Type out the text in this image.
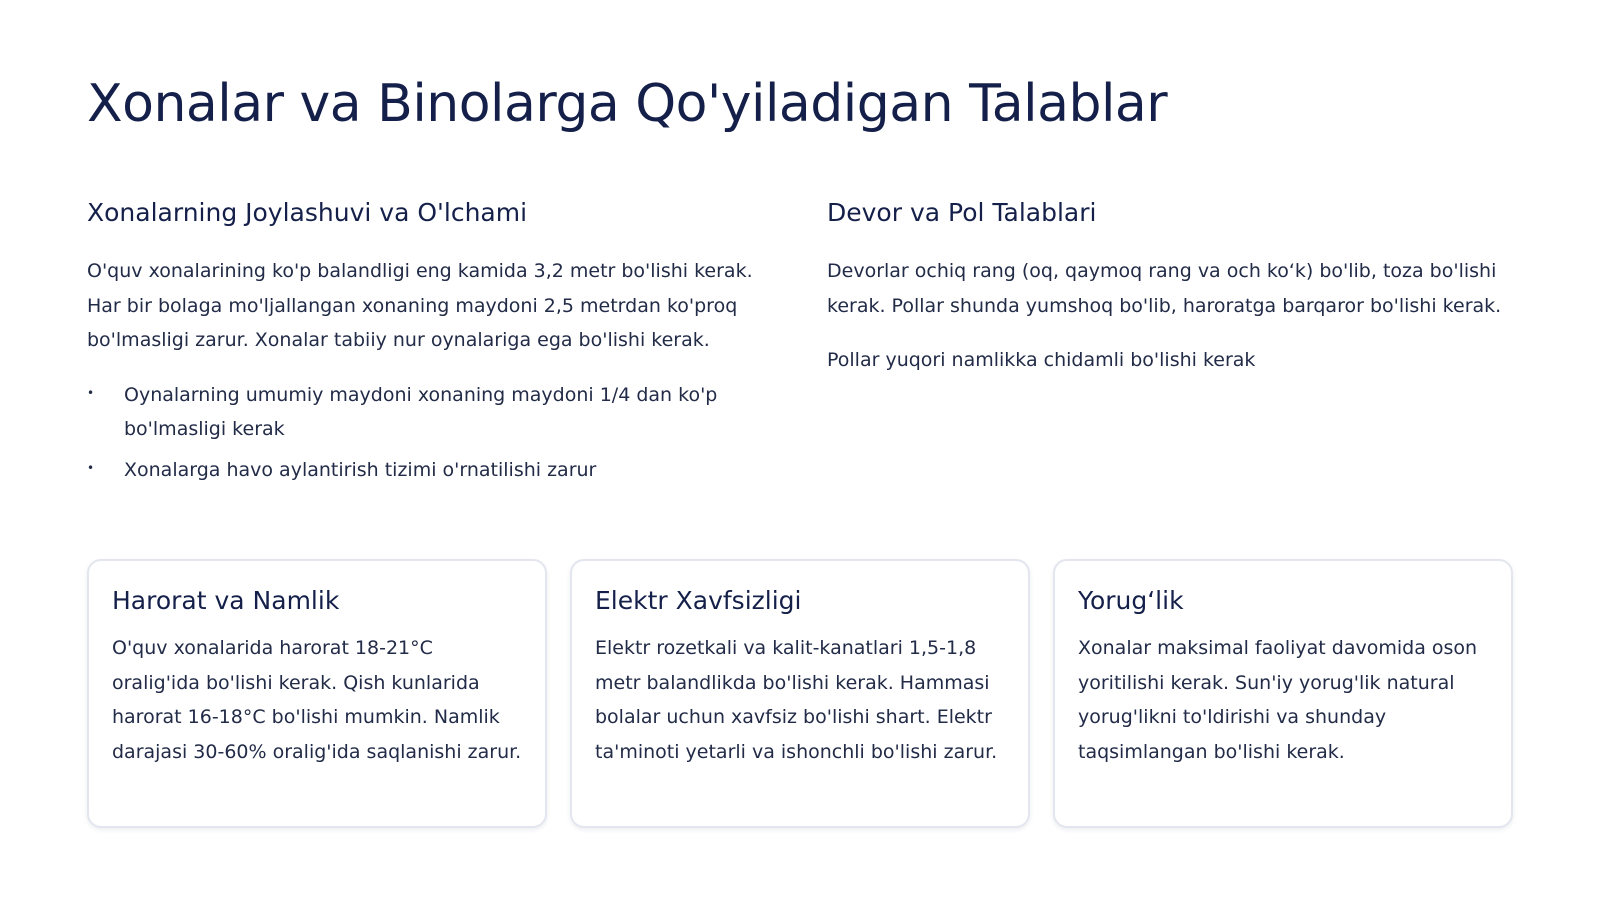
Xonalar va Binolarga Qo'yiladigan Talablar
Xonalarning Joylashuvi va O'lchami

O'quv xonalarining ko'p balandligi eng kamida 3,2 metr bo'lishi kerak. Har bir bolaga mo'ljallangan xonaning maydoni 2,5 metrdan ko'proq bo'lmasligi zarur. Xonalar tabiiy nur oynalariga ega bo'lishi kerak.

• Oynalarning umumiy maydoni xonaning maydoni 1/4 dan ko'p bo'lmasligi kerak
• Xonalarga havo aylantirish tizimi o'rnatilishi zarur
Devor va Pol Talablari

Devorlar ochiq rang (oq, qaymoq rang va och ko‘k) bo'lib, toza bo'lishi kerak. Pollar shunda yumshoq bo'lib, haroratga barqaror bo'lishi kerak.

Pollar yuqori namlikka chidamli bo'lishi kerak

Harorat va Namlik

O'quv xonalarida harorat 18-21°C oralig'ida bo'lishi kerak. Qish kunlarida harorat 16-18°C bo'lishi mumkin. Namlik darajasi 30-60% oralig'ida saqlanishi zarur.

Elektr Xavfsizligi

Elektr rozetkali va kalit-kanatlari 1,5-1,8 metr balandlikda bo'lishi kerak. Hammasi bolalar uchun xavfsiz bo'lishi shart. Elektr ta'minoti yetarli va ishonchli bo'lishi zarur.

Yorug‘lik

Xonalar maksimal faoliyat davomida oson yoritilishi kerak. Sun'iy yorug'lik natural yorug'likni to'ldirishi va shunday taqsimlangan bo'lishi kerak.
